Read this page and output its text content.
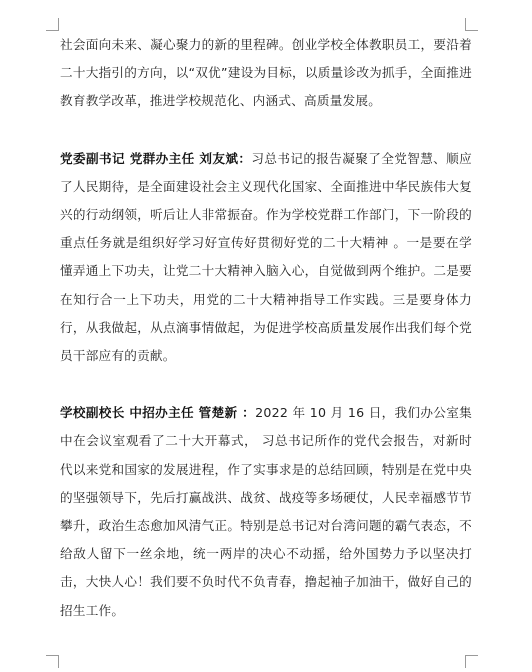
社会面向未来、凝心聚力的新的里程碑。创业学校全体教职员工，要沿着二十大指引的方向，以“双优”建设为目标，以质量诊改为抓手，全面推进教育教学改革，推进学校规范化、内涵式、高质量发展。

党委副书记 党群办主任 刘友斌：习总书记的报告凝聚了全党智慧、顺应了人民期待，是全面建设社会主义现代化国家、全面推进中华民族伟大复兴的行动纲领，听后让人非常振奋。作为学校党群工作部门，下一阶段的重点任务就是组织好学习好宣传好贯彻好党的二十大精神 。一是要在学懂弄通上下功夫，让党二十大精神入脑入心，自觉做到两个维护。二是要在知行合一上下功夫，用党的二十大精神指导工作实践。三是要身体力行，从我做起，从点滴事情做起，为促进学校高质量发展作出我们每个党员干部应有的贡献。

学校副校长 中招办主任 管楚新 ：2022 年 10 月 16 日，我们办公室集中在会议室观看了二十大开幕式， 习总书记所作的党代会报告，对新时代以来党和国家的发展进程，作了实事求是的总结回顾，特别是在党中央的坚强领导下，先后打赢战洪、战贫、战疫等多场硬仗，人民幸福感节节攀升，政治生态愈加风清气正。特别是总书记对台湾问题的霸气表态，不给敌人留下一丝余地，统一两岸的决心不动摇，给外国势力予以坚决打击，大快人心！我们要不负时代不负青春，撸起袖子加油干，做好自己的招生工作。
